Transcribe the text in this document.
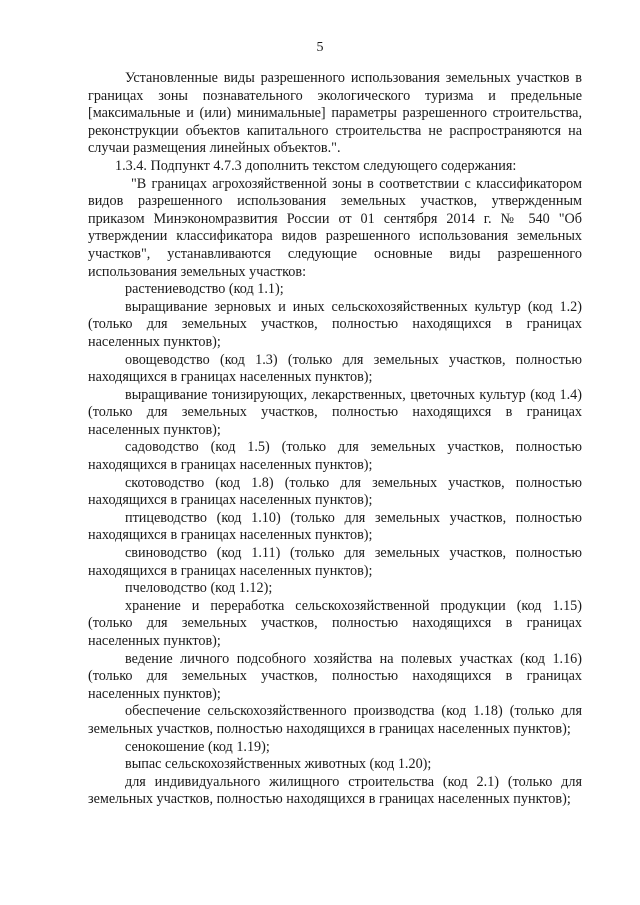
5

Установленные виды разрешенного использования земельных участков в границах зоны познавательного экологического туризма и предельные [максимальные и (или) минимальные] параметры разрешенного строительства, реконструкции объектов капитального строительства не распространяются на случаи размещения линейных объектов.".

1.3.4. Подпункт 4.7.3 дополнить текстом следующего содержания:

"В границах агрохозяйственной зоны в соответствии с классификатором видов разрешенного использования земельных участков, утвержденным приказом Минэкономразвития России от 01 сентября 2014 г. № 540 "Об утверждении классификатора видов разрешенного использования земельных участков", устанавливаются следующие основные виды разрешенного использования земельных участков:

растениеводство (код 1.1);

выращивание зерновых и иных сельскохозяйственных культур (код 1.2) (только для земельных участков, полностью находящихся в границах населенных пунктов);

овощеводство (код 1.3) (только для земельных участков, полностью находящихся в границах населенных пунктов);

выращивание тонизирующих, лекарственных, цветочных культур (код 1.4) (только для земельных участков, полностью находящихся в границах населенных пунктов);

садоводство (код 1.5) (только для земельных участков, полностью находящихся в границах населенных пунктов);

скотоводство (код 1.8) (только для земельных участков, полностью находящихся в границах населенных пунктов);

птицеводство (код 1.10) (только для земельных участков, полностью находящихся в границах населенных пунктов);

свиноводство (код 1.11) (только для земельных участков, полностью находящихся в границах населенных пунктов);

пчеловодство (код 1.12);

хранение и переработка сельскохозяйственной продукции (код 1.15) (только для земельных участков, полностью находящихся в границах населенных пунктов);

ведение личного подсобного хозяйства на полевых участках (код 1.16) (только для земельных участков, полностью находящихся в границах населенных пунктов);

обеспечение сельскохозяйственного производства (код 1.18) (только для земельных участков, полностью находящихся в границах населенных пунктов);

сенокошение (код 1.19);

выпас сельскохозяйственных животных (код 1.20);

для индивидуального жилищного строительства (код 2.1) (только для земельных участков, полностью находящихся в границах населенных пунктов);
